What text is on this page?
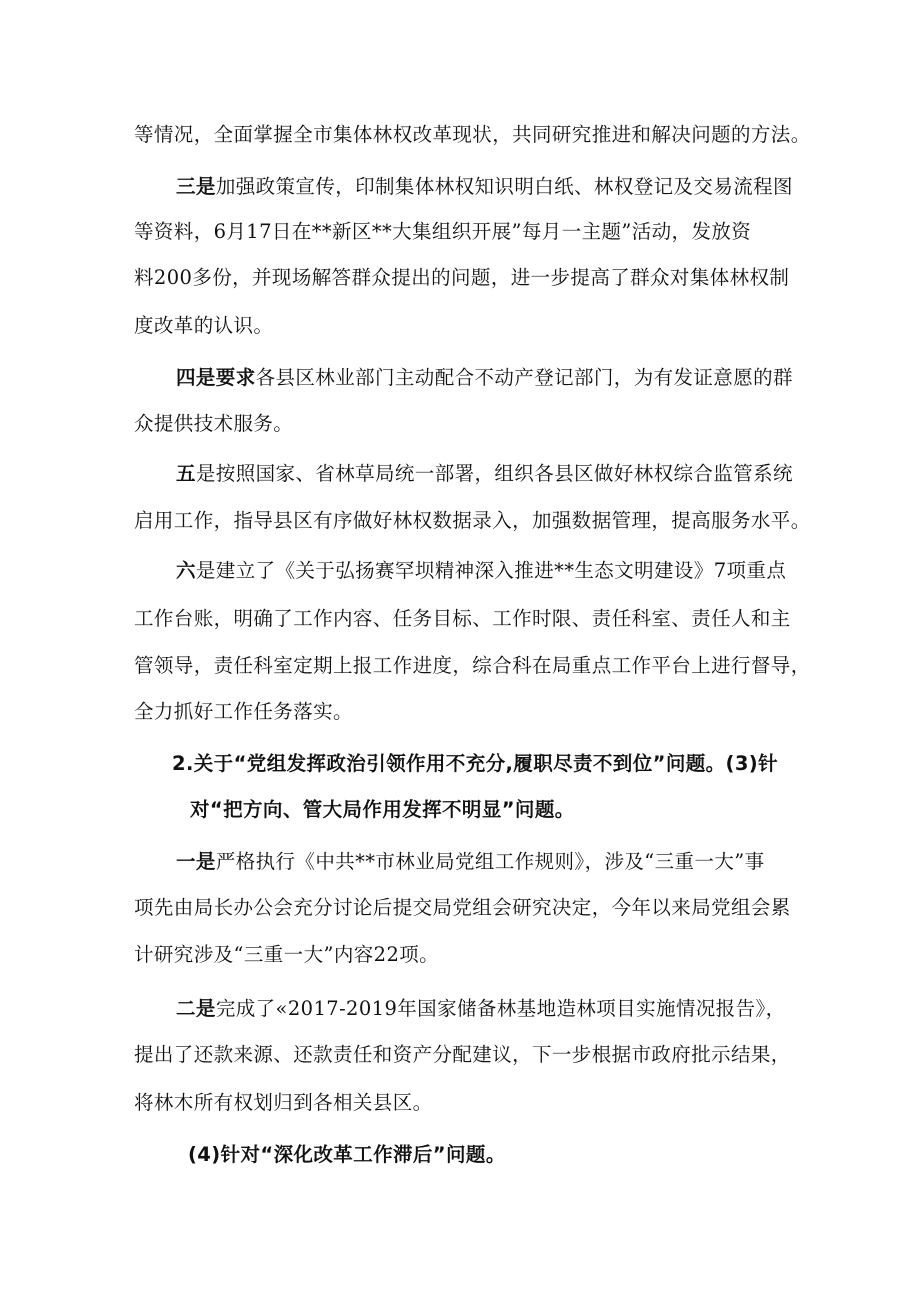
等情况，全面掌握全市集体林权改革现状，共同研究推进和解决问题的方法。
三是加强政策宣传，印制集体林权知识明白纸、林权登记及交易流程图
等资料，6月17日在**新区**大集组织开展”每月一主题”活动，发放资
料200多份，并现场解答群众提出的问题，进一步提高了群众对集体林权制
度改革的认识。
四是要求各县区林业部门主动配合不动产登记部门，为有发证意愿的群
众提供技术服务。
五是按照国家、省林草局统一部署，组织各县区做好林权综合监管系统
启用工作，指导县区有序做好林权数据录入，加强数据管理，提高服务水平。
六是建立了《关于弘扬赛罕坝精神深入推进**生态文明建设》7项重点
工作台账，明确了工作内容、任务目标、工作时限、责任科室、责任人和主
管领导，责任科室定期上报工作进度，综合科在局重点工作平台上进行督导，
全力抓好工作任务落实。
2.关于“党组发挥政治引领作用不充分,履职尽责不到位”问题。(3)针
对“把方向、管大局作用发挥不明显”问题。
一是严格执行《中共**市林业局党组工作规则》，涉及“三重一大”事
项先由局长办公会充分讨论后提交局党组会研究决定，今年以来局党组会累
计研究涉及“三重一大”内容22项。
二是完成了«2017-2019年国家储备林基地造林项目实施情况报告》，
提出了还款来源、还款责任和资产分配建议，下一步根据市政府批示结果，
将林木所有权划归到各相关县区。
(4)针对“深化改革工作滞后”问题。
